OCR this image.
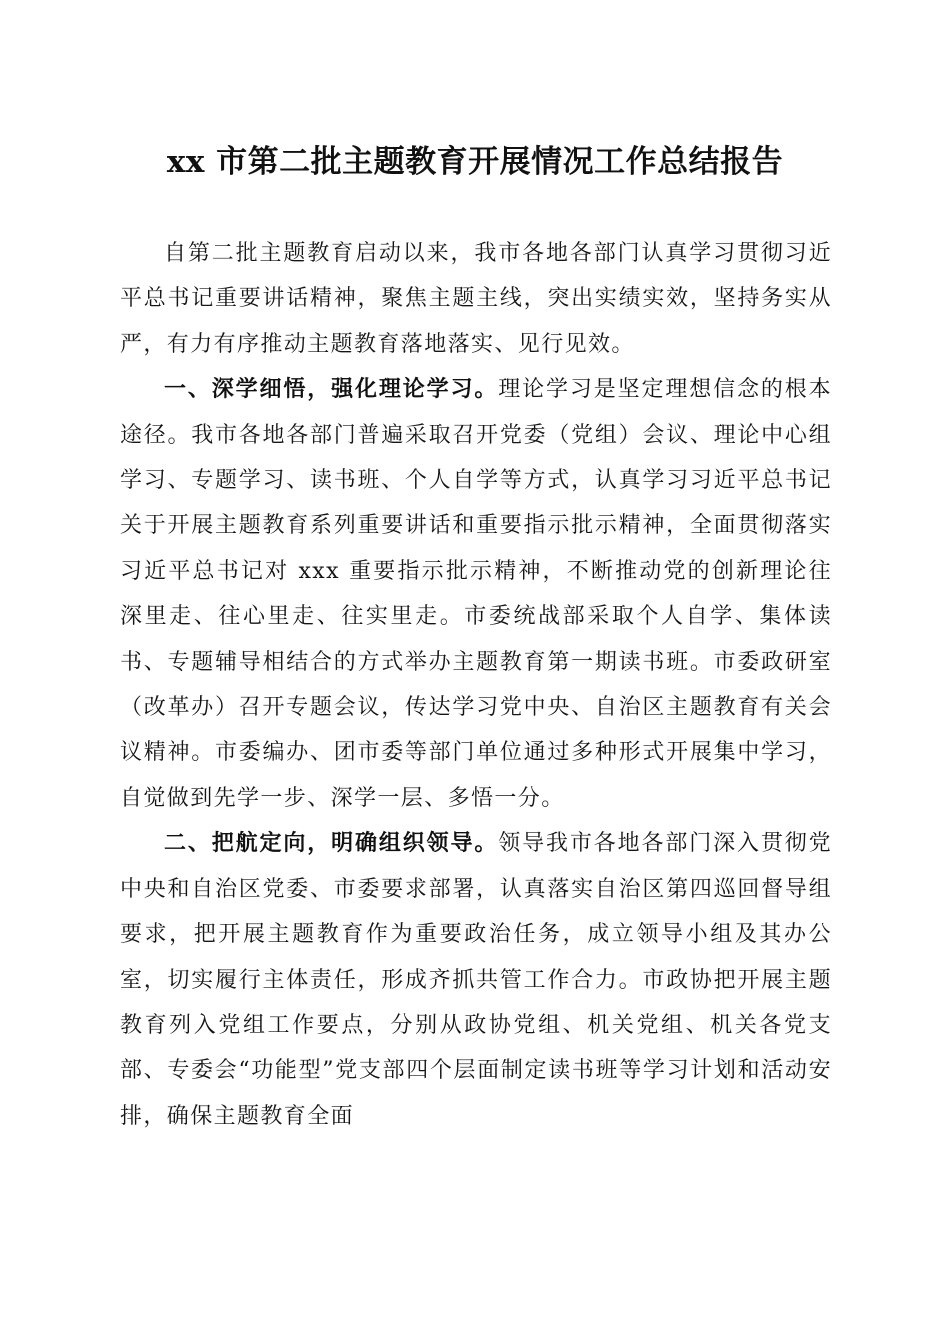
xx 市第二批主题教育开展情况工作总结报告

自第二批主题教育启动以来，我市各地各部门认真学习贯彻习近平总书记重要讲话精神，聚焦主题主线，突出实绩实效，坚持务实从严，有力有序推动主题教育落地落实、见行见效。

一、深学细悟，强化理论学习。理论学习是坚定理想信念的根本途径。我市各地各部门普遍采取召开党委（党组）会议、理论中心组学习、专题学习、读书班、个人自学等方式，认真学习习近平总书记关于开展主题教育系列重要讲话和重要指示批示精神，全面贯彻落实习近平总书记对 xxx 重要指示批示精神，不断推动党的创新理论往深里走、往心里走、往实里走。市委统战部采取个人自学、集体读书、专题辅导相结合的方式举办主题教育第一期读书班。市委政研室（改革办）召开专题会议，传达学习党中央、自治区主题教育有关会议精神。市委编办、团市委等部门单位通过多种形式开展集中学习，自觉做到先学一步、深学一层、多悟一分。

二、把航定向，明确组织领导。领导我市各地各部门深入贯彻党中央和自治区党委、市委要求部署，认真落实自治区第四巡回督导组要求，把开展主题教育作为重要政治任务，成立领导小组及其办公室，切实履行主体责任，形成齐抓共管工作合力。市政协把开展主题教育列入党组工作要点，分别从政协党组、机关党组、机关各党支部、专委会“功能型”党支部四个层面制定读书班等学习计划和活动安排，确保主题教育全面
